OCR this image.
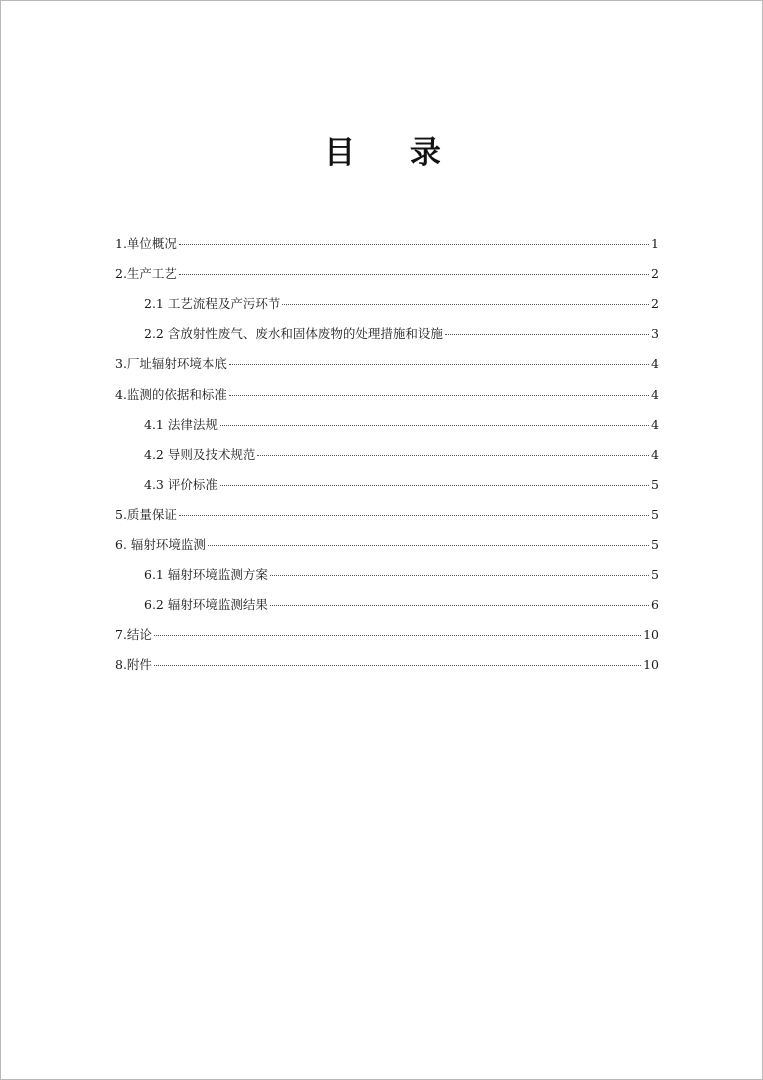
目 录
1.单位概况	1
2.生产工艺	2
2.1 工艺流程及产污环节	2
2.2 含放射性废气、废水和固体废物的处理措施和设施	3
3.厂址辐射环境本底	4
4.监测的依据和标准	4
4.1 法律法规	4
4.2 导则及技术规范	4
4.3 评价标准	5
5.质量保证	5
6. 辐射环境监测	5
6.1 辐射环境监测方案	5
6.2 辐射环境监测结果	6
7.结论	10
8.附件	10
